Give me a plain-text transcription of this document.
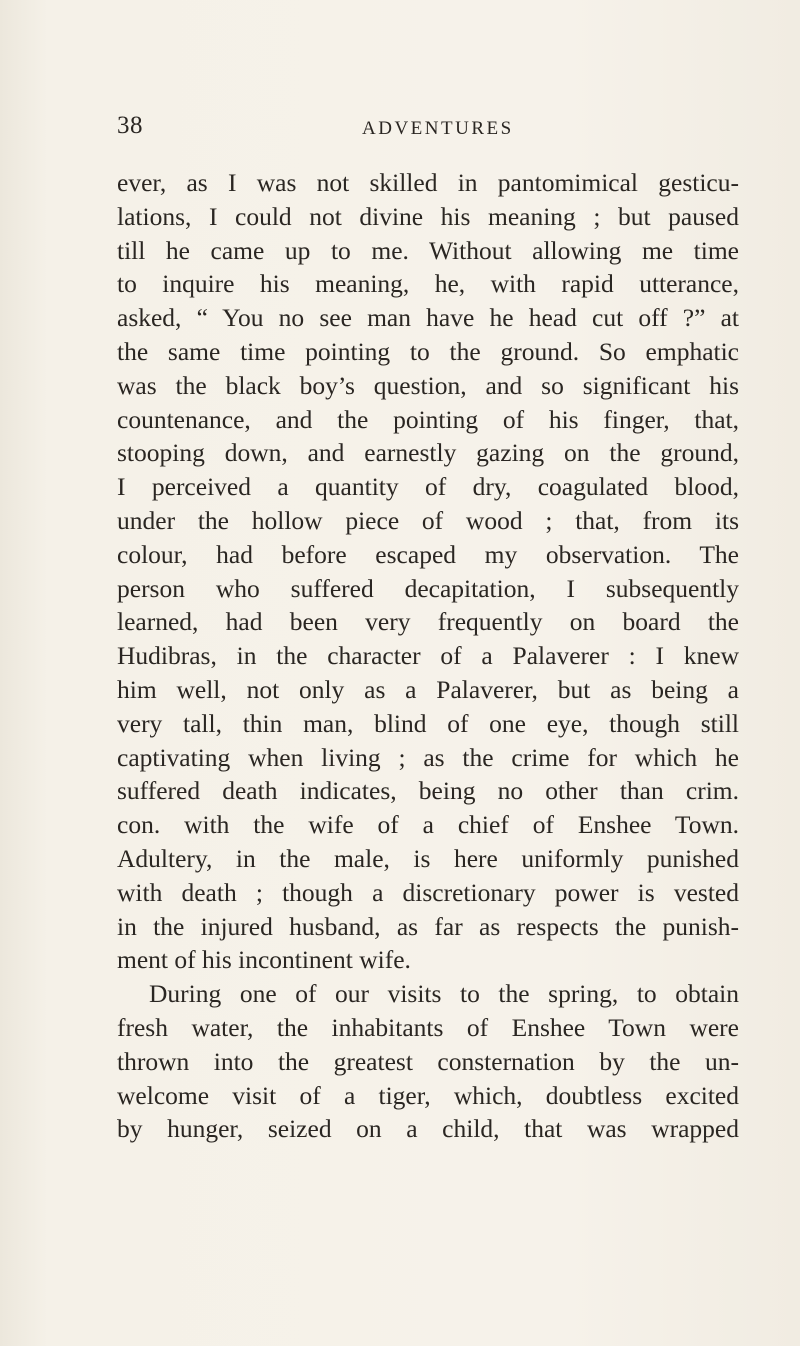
38	ADVENTURES
ever, as I was not skilled in pantomimical gesticu-
lations, I could not divine his meaning ; but paused
till he came up to me. Without allowing me time
to inquire his meaning, he, with rapid utterance,
asked, “ You no see man have he head cut off ?” at
the same time pointing to the ground. So emphatic
was the black boy’s question, and so significant his
countenance, and the pointing of his finger, that,
stooping down, and earnestly gazing on the ground,
I perceived a quantity of dry, coagulated blood,
under the hollow piece of wood ; that, from its
colour, had before escaped my observation. The
person who suffered decapitation, I subsequently
learned, had been very frequently on board the
Hudibras, in the character of a Palaverer : I knew
him well, not only as a Palaverer, but as being a
very tall, thin man, blind of one eye, though still
captivating when living ; as the crime for which he
suffered death indicates, being no other than crim.
con. with the wife of a chief of Enshee Town.
Adultery, in the male, is here uniformly punished
with death ; though a discretionary power is vested
in the injured husband, as far as respects the punish-
ment of his incontinent wife.
During one of our visits to the spring, to obtain
fresh water, the inhabitants of Enshee Town were
thrown into the greatest consternation by the un-
welcome visit of a tiger, which, doubtless excited
by hunger, seized on a child, that was wrapped
